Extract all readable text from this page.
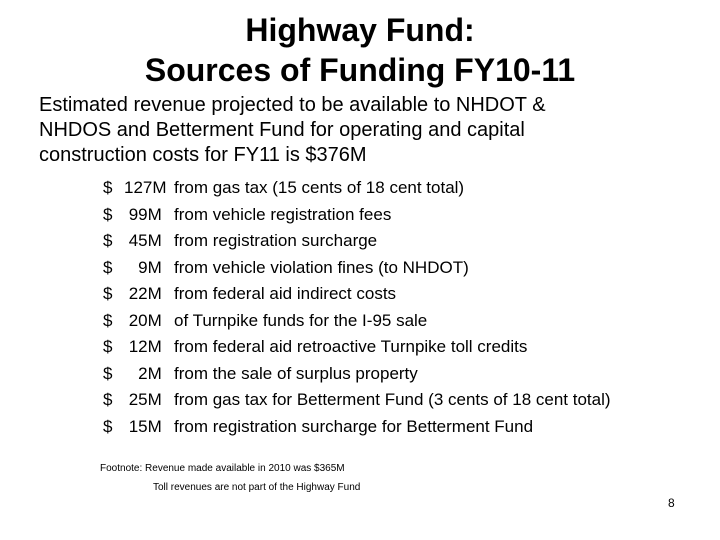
Highway Fund:
Sources of Funding FY10-11
Estimated revenue projected to be available to NHDOT &
NHDOS and Betterment Fund for operating and capital
construction costs for FY11 is $376M
$ 127M from gas tax (15 cents of 18 cent total)
$ 99M from vehicle registration fees
$ 45M from registration surcharge
$   9M from vehicle violation fines (to NHDOT)
$ 22M from federal aid indirect costs
$ 20M of Turnpike funds for the I-95 sale
$ 12M from federal aid retroactive Turnpike toll credits
$   2M from the sale of surplus property
$ 25M from gas tax for Betterment Fund (3 cents of 18 cent total)
$ 15M from registration surcharge for Betterment Fund
Footnote: Revenue made available in 2010 was $365M
Toll revenues are not part of the Highway Fund
8
